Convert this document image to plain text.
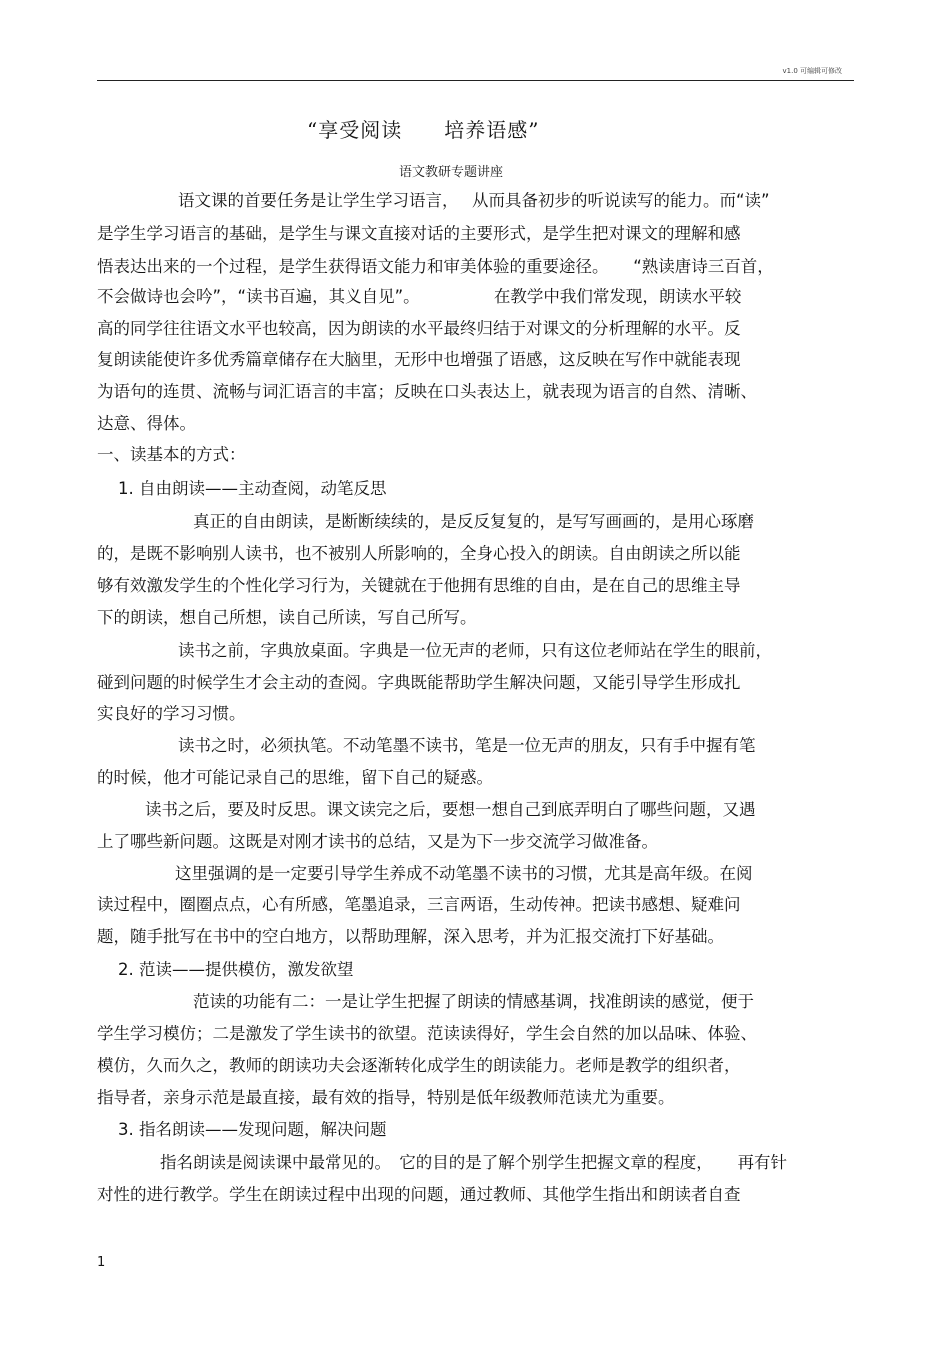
v1.0 可编辑可修改
“享受阅读　　培养语感”
语文教研专题讲座
语文课的首要任务是让学生学习语言，　 从而具备初步的听说读写的能力。而“读”
是学生学习语言的基础，是学生与课文直接对话的主要形式，是学生把对课文的理解和感
悟表达出来的一个过程，是学生获得语文能力和审美体验的重要途径。　　“熟读唐诗三百首，
不会做诗也会吟”，“读书百遍，其义自见”。　　　　　在教学中我们常发现，朗读水平较
高的同学往往语文水平也较高，因为朗读的水平最终归结于对课文的分析理解的水平。反
复朗读能使许多优秀篇章储存在大脑里，无形中也增强了语感，这反映在写作中就能表现
为语句的连贯、流畅与词汇语言的丰富；反映在口头表达上，就表现为语言的自然、清晰、
达意、得体。
一、读基本的方式：
1. 自由朗读——主动查阅，动笔反思
真正的自由朗读，是断断续续的，是反反复复的，是写写画画的，是用心琢磨
的，是既不影响别人读书，也不被别人所影响的，全身心投入的朗读。自由朗读之所以能
够有效激发学生的个性化学习行为，关键就在于他拥有思维的自由，是在自己的思维主导
下的朗读，想自己所想，读自己所读，写自己所写。
读书之前，字典放桌面。字典是一位无声的老师，只有这位老师站在学生的眼前，
碰到问题的时候学生才会主动的查阅。字典既能帮助学生解决问题，又能引导学生形成扎
实良好的学习习惯。
读书之时，必须执笔。不动笔墨不读书，笔是一位无声的朋友，只有手中握有笔
的时候，他才可能记录自己的思维，留下自己的疑惑。
读书之后，要及时反思。课文读完之后，要想一想自己到底弄明白了哪些问题，又遇
上了哪些新问题。这既是对刚才读书的总结，又是为下一步交流学习做准备。
这里强调的是一定要引导学生养成不动笔墨不读书的习惯，尤其是高年级。在阅
读过程中，圈圈点点，心有所感，笔墨追录，三言两语，生动传神。把读书感想、疑难问
题，随手批写在书中的空白地方，以帮助理解，深入思考，并为汇报交流打下好基础。
2. 范读——提供模仿，激发欲望
范读的功能有二：一是让学生把握了朗读的情感基调，找准朗读的感觉，便于
学生学习模仿；二是激发了学生读书的欲望。范读读得好，学生会自然的加以品味、体验、
模仿，久而久之，教师的朗读功夫会逐渐转化成学生的朗读能力。老师是教学的组织者，
指导者，亲身示范是最直接，最有效的指导，特别是低年级教师范读尤为重要。
3. 指名朗读——发现问题，解决问题
指名朗读是阅读课中最常见的。　它的目的是了解个别学生把握文章的程度，　　再有针
对性的进行教学。学生在朗读过程中出现的问题，通过教师、其他学生指出和朗读者自查
1
